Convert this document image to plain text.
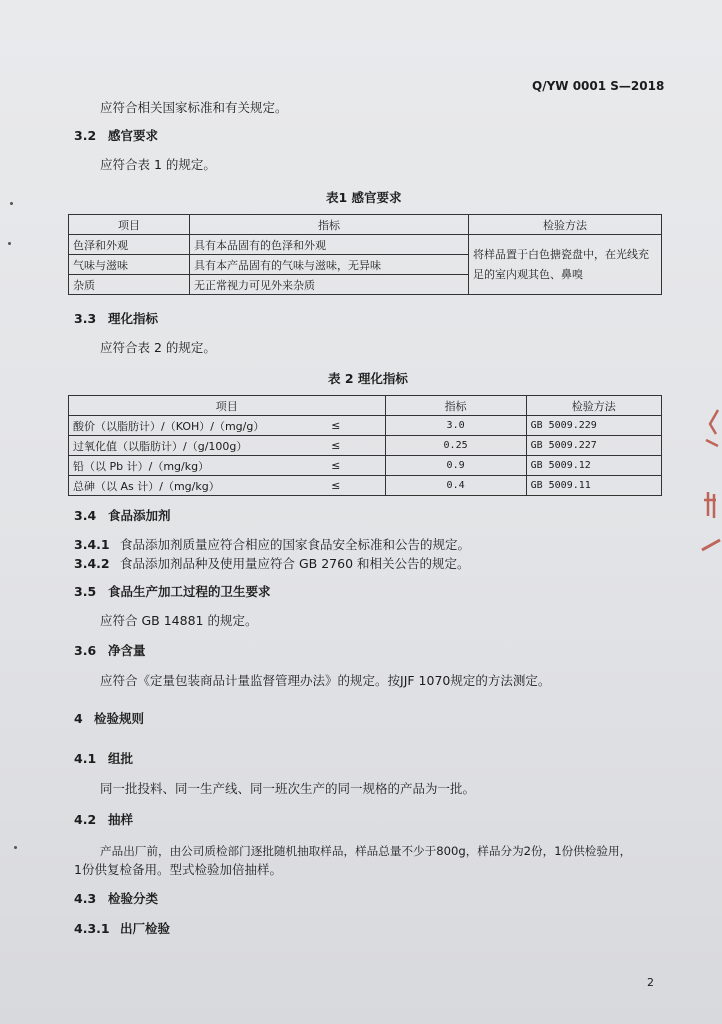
Q/YW 0001 S—2018
应符合相关国家标准和有关规定。
3.2 感官要求
应符合表 1 的规定。
表1 感官要求
项目	指标	检验方法
色泽和外观	具有本品固有的色泽和外观	将样品置于白色搪瓷盘中，在光线充足的室内观其色、鼻嗅
气味与滋味	具有本产品固有的气味与滋味，无异味	
杂质	无正常视力可见外来杂质	
3.3 理化指标
应符合表 2 的规定。
表 2 理化指标
项目		指标	检验方法
酸价（以脂肪计）/（KOH）/（mg/g）	≤	3.0	GB 5009.229
过氧化值（以脂肪计）/（g/100g）	≤	0.25	GB 5009.227
铅（以 Pb 计）/（mg/kg）	≤	0.9	GB 5009.12
总砷（以 As 计）/（mg/kg）	≤	0.4	GB 5009.11
3.4 食品添加剂
3.4.1 食品添加剂质量应符合相应的国家食品安全标准和公告的规定。
3.4.2 食品添加剂品种及使用量应符合 GB 2760 和相关公告的规定。
3.5 食品生产加工过程的卫生要求
应符合 GB 14881 的规定。
3.6 净含量
应符合《定量包装商品计量监督管理办法》的规定。按JJF 1070规定的方法测定。
4 检验规则
4.1 组批
同一批投料、同一生产线、同一班次生产的同一规格的产品为一批。
4.2 抽样
产品出厂前，由公司质检部门逐批随机抽取样品，样品总量不少于800g，样品分为2份，1份供检验用，
1份供复检备用。型式检验加倍抽样。
4.3 检验分类
4.3.1 出厂检验
2
